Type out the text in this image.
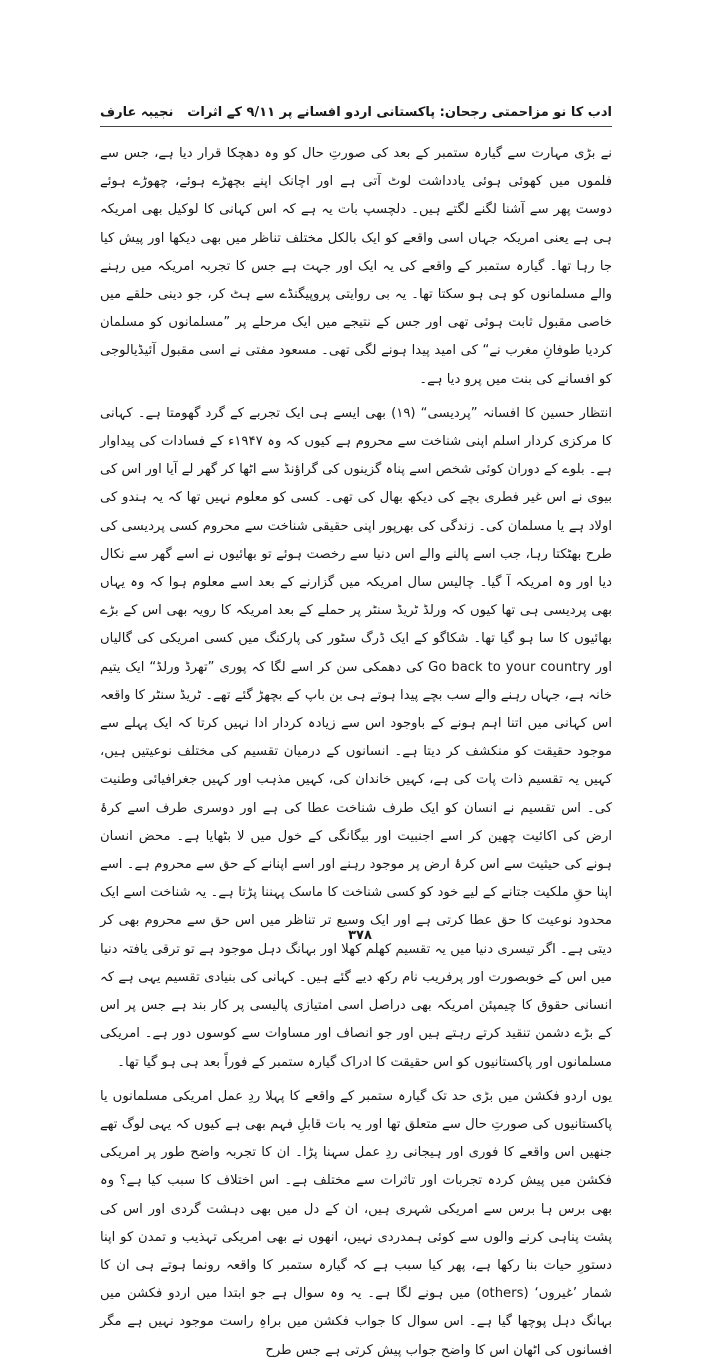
ادب کا نو مزاحمتی رجحان: پاکستانی اردو افسانے پر ۹/۱۱ کے اثرات
نجیبہ عارف

نے بڑی مہارت سے گیارہ ستمبر کے بعد کی صورتِ حال کو وہ دھچکا قرار دیا ہے، جس سے فلموں میں کھوئی ہوئی یادداشت لوٹ آتی ہے اور اچانک اپنے بچھڑے ہوئے، چھوڑے ہوئے دوست پھر سے آشنا لگنے لگتے ہیں۔ دلچسپ بات یہ ہے کہ اس کہانی کا لوکیل بھی امریکہ ہی ہے یعنی امریکہ جہاں اسی واقعے کو ایک بالکل مختلف تناظر میں بھی دیکھا اور پیش کیا جا رہا تھا۔ گیارہ ستمبر کے واقعے کی یہ ایک اور جہت ہے جس کا تجربہ امریکہ میں رہنے والے مسلمانوں کو ہی ہو سکتا تھا۔ یہ بی روایتی پروپیگنڈے سے ہٹ کر، جو دینی حلقے میں خاصی مقبول ثابت ہوئی تھی اور جس کے نتیجے میں ایک مرحلے پر ”مسلمانوں کو مسلمان کردیا طوفانِ مغرب نے“ کی امید پیدا ہونے لگی تھی۔ مسعود مفتی نے اسی مقبول آئیڈیالوجی کو افسانے کی بنت میں پرو دیا ہے۔

انتظار حسین کا افسانہ ”پردیسی“ (۱۹) بھی ایسے ہی ایک تجربے کے گرد گھومتا ہے۔ کہانی کا مرکزی کردار اسلم اپنی شناخت سے محروم ہے کیوں کہ وہ ۱۹۴۷ء کے فسادات کی پیداوار ہے۔ بلوے کے دوران کوئی شخص اسے پناہ گزینوں کی گراؤنڈ سے اٹھا کر گھر لے آیا اور اس کی بیوی نے اس غیر فطری بچے کی دیکھ بھال کی تھی۔ کسی کو معلوم نہیں تھا کہ یہ ہندو کی اولاد ہے یا مسلمان کی۔ زندگی کی بھرپور اپنی حقیقی شناخت سے محروم کسی پردیسی کی طرح بھٹکتا رہا، جب اسے پالنے والے اس دنیا سے رخصت ہوئے تو بھائیوں نے اسے گھر سے نکال دیا اور وہ امریکہ آ گیا۔ چالیس سال امریکہ میں گزارنے کے بعد اسے معلوم ہوا کہ وہ یہاں بھی پردیسی ہی تھا کیوں کہ ورلڈ ٹریڈ سنٹر پر حملے کے بعد امریکہ کا رویہ بھی اس کے بڑے بھائیوں کا سا ہو گیا تھا۔ شکاگو کے ایک ڈرگ سٹور کی پارکنگ میں کسی امریکی کی گالیاں اور Go back to your country کی دھمکی سن کر اسے لگا کہ پوری ”تھرڈ ورلڈ“ ایک یتیم خانہ ہے، جہاں رہنے والے سب بچے پیدا ہوتے ہی بن باپ کے بچھڑ گئے تھے۔ ٹریڈ سنٹر کا واقعہ اس کہانی میں اتنا اہم ہونے کے باوجود اس سے زیادہ کردار ادا نہیں کرتا کہ ایک پہلے سے موجود حقیقت کو منکشف کر دیتا ہے۔ انسانوں کے درمیان تقسیم کی مختلف نوعیتیں ہیں، کہیں یہ تقسیم ذات پات کی ہے، کہیں خاندان کی، کہیں مذہب اور کہیں جغرافیائی وطنیت کی۔ اس تقسیم نے انسان کو ایک طرف شناخت عطا کی ہے اور دوسری طرف اسے کرۂ ارض کی اکائیت چھین کر اسے اجنبیت اور بیگانگی کے خول میں لا بٹھایا ہے۔ محض انسان ہونے کی حیثیت سے اس کرۂ ارض پر موجود رہنے اور اسے اپنانے کے حق سے محروم ہے۔ اسے اپنا حقِ ملکیت جتانے کے لیے خود کو کسی شناخت کا ماسک پہننا پڑتا ہے۔ یہ شناخت اسے ایک محدود نوعیت کا حق عطا کرتی ہے اور ایک وسیع تر تناظر میں اس حق سے محروم بھی کر دیتی ہے۔ اگر تیسری دنیا میں یہ تقسیم کھلم کھلا اور بہانگ دہل موجود ہے تو ترقی یافتہ دنیا میں اس کے خوبصورت اور پرفریب نام رکھ دیے گئے ہیں۔ کہانی کی بنیادی تقسیم یہی ہے کہ انسانی حقوق کا چیمپئن امریکہ بھی دراصل اسی امتیازی پالیسی پر کار بند ہے جس پر اس کے بڑے دشمن تنقید کرتے رہتے ہیں اور جو انصاف اور مساوات سے کوسوں دور ہے۔ امریکی مسلمانوں اور پاکستانیوں کو اس حقیقت کا ادراک گیارہ ستمبر کے فوراً بعد ہی ہو گیا تھا۔

یوں اردو فکشن میں بڑی حد تک گیارہ ستمبر کے واقعے کا پہلا ردِ عمل امریکی مسلمانوں یا پاکستانیوں کی صورتِ حال سے متعلق تھا اور یہ بات قابلِ فہم بھی ہے کیوں کہ یہی لوگ تھے جنھیں اس واقعے کا فوری اور ہیجانی ردِ عمل سہنا پڑا۔ ان کا تجربہ واضح طور پر امریکی فکشن میں پیش کردہ تجربات اور تاثرات سے مختلف ہے۔ اس اختلاف کا سبب کیا ہے؟ وہ بھی برس ہا برس سے امریکی شہری ہیں، ان کے دل میں بھی دہشت گردی اور اس کی پشت پناہی کرنے والوں سے کوئی ہمدردی نہیں، انھوں نے بھی امریکی تہذیب و تمدن کو اپنا دستورِ حیات بنا رکھا ہے، پھر کیا سبب ہے کہ گیارہ ستمبر کا واقعہ رونما ہوتے ہی ان کا شمار ’غیروں‘ (others) میں ہونے لگا ہے۔ یہ وہ سوال ہے جو ابتدا میں اردو فکشن میں بہانگ دہل پوچھا گیا ہے۔ اس سوال کا جواب فکشن میں براہِ راست موجود نہیں ہے مگر افسانوں کی اٹھان اس کا واضح جواب پیش کرتی ہے جس طرح

۳۷۸
